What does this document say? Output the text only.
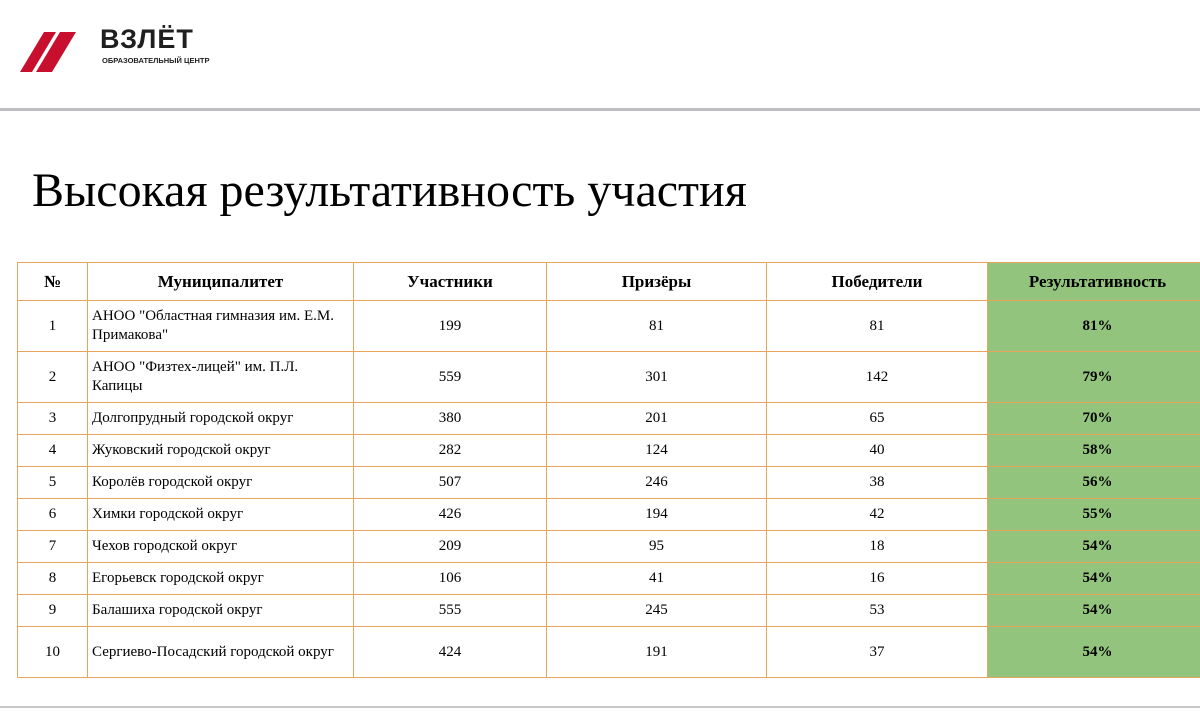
ВЗЛЁТ
ОБРАЗОВАТЕЛЬНЫЙ ЦЕНТР
Высокая результативность участия
№	Муниципалитет	Участники	Призёры	Победители	Результативность
1	АНОО "Областная гимназия им. Е.М. Примакова"	199	81	81	81%
2	АНОО "Физтех-лицей" им. П.Л. Капицы	559	301	142	79%
3	Долгопрудный городской округ	380	201	65	70%
4	Жуковский городской округ	282	124	40	58%
5	Королёв городской округ	507	246	38	56%
6	Химки городской округ	426	194	42	55%
7	Чехов городской округ	209	95	18	54%
8	Егорьевск городской округ	106	41	16	54%
9	Балашиха городской округ	555	245	53	54%
10	Сергиево-Посадский городской округ	424	191	37	54%
